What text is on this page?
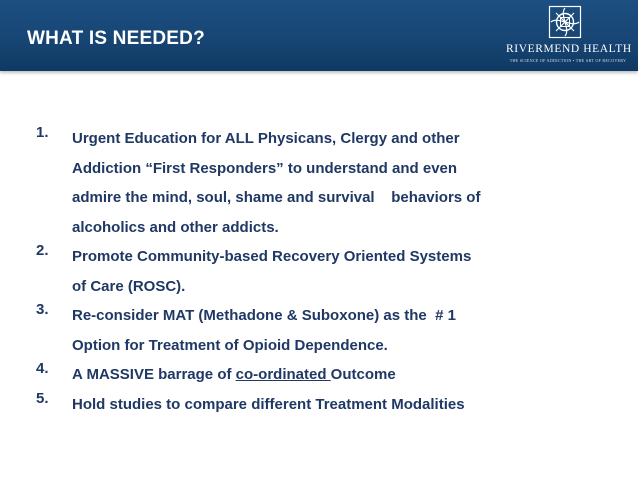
WHAT IS NEEDED?	RIVERMEND HEALTH
THE SCIENCE OF ADDICTION • THE ART OF RECOVERY
1. Urgent Education for ALL Physicans, Clergy and other
Addiction “First Responders” to understand and even
admire the mind, soul, shame and survival    behaviors of
alcoholics and other addicts.
2. Promote Community-based Recovery Oriented Systems
of Care (ROSC).
3. Re-consider MAT (Methadone & Suboxone) as the  # 1
Option for Treatment of Opioid Dependence.
4. A MASSIVE barrage of co-ordinated Outcome
5. Hold studies to compare different Treatment Modalities
